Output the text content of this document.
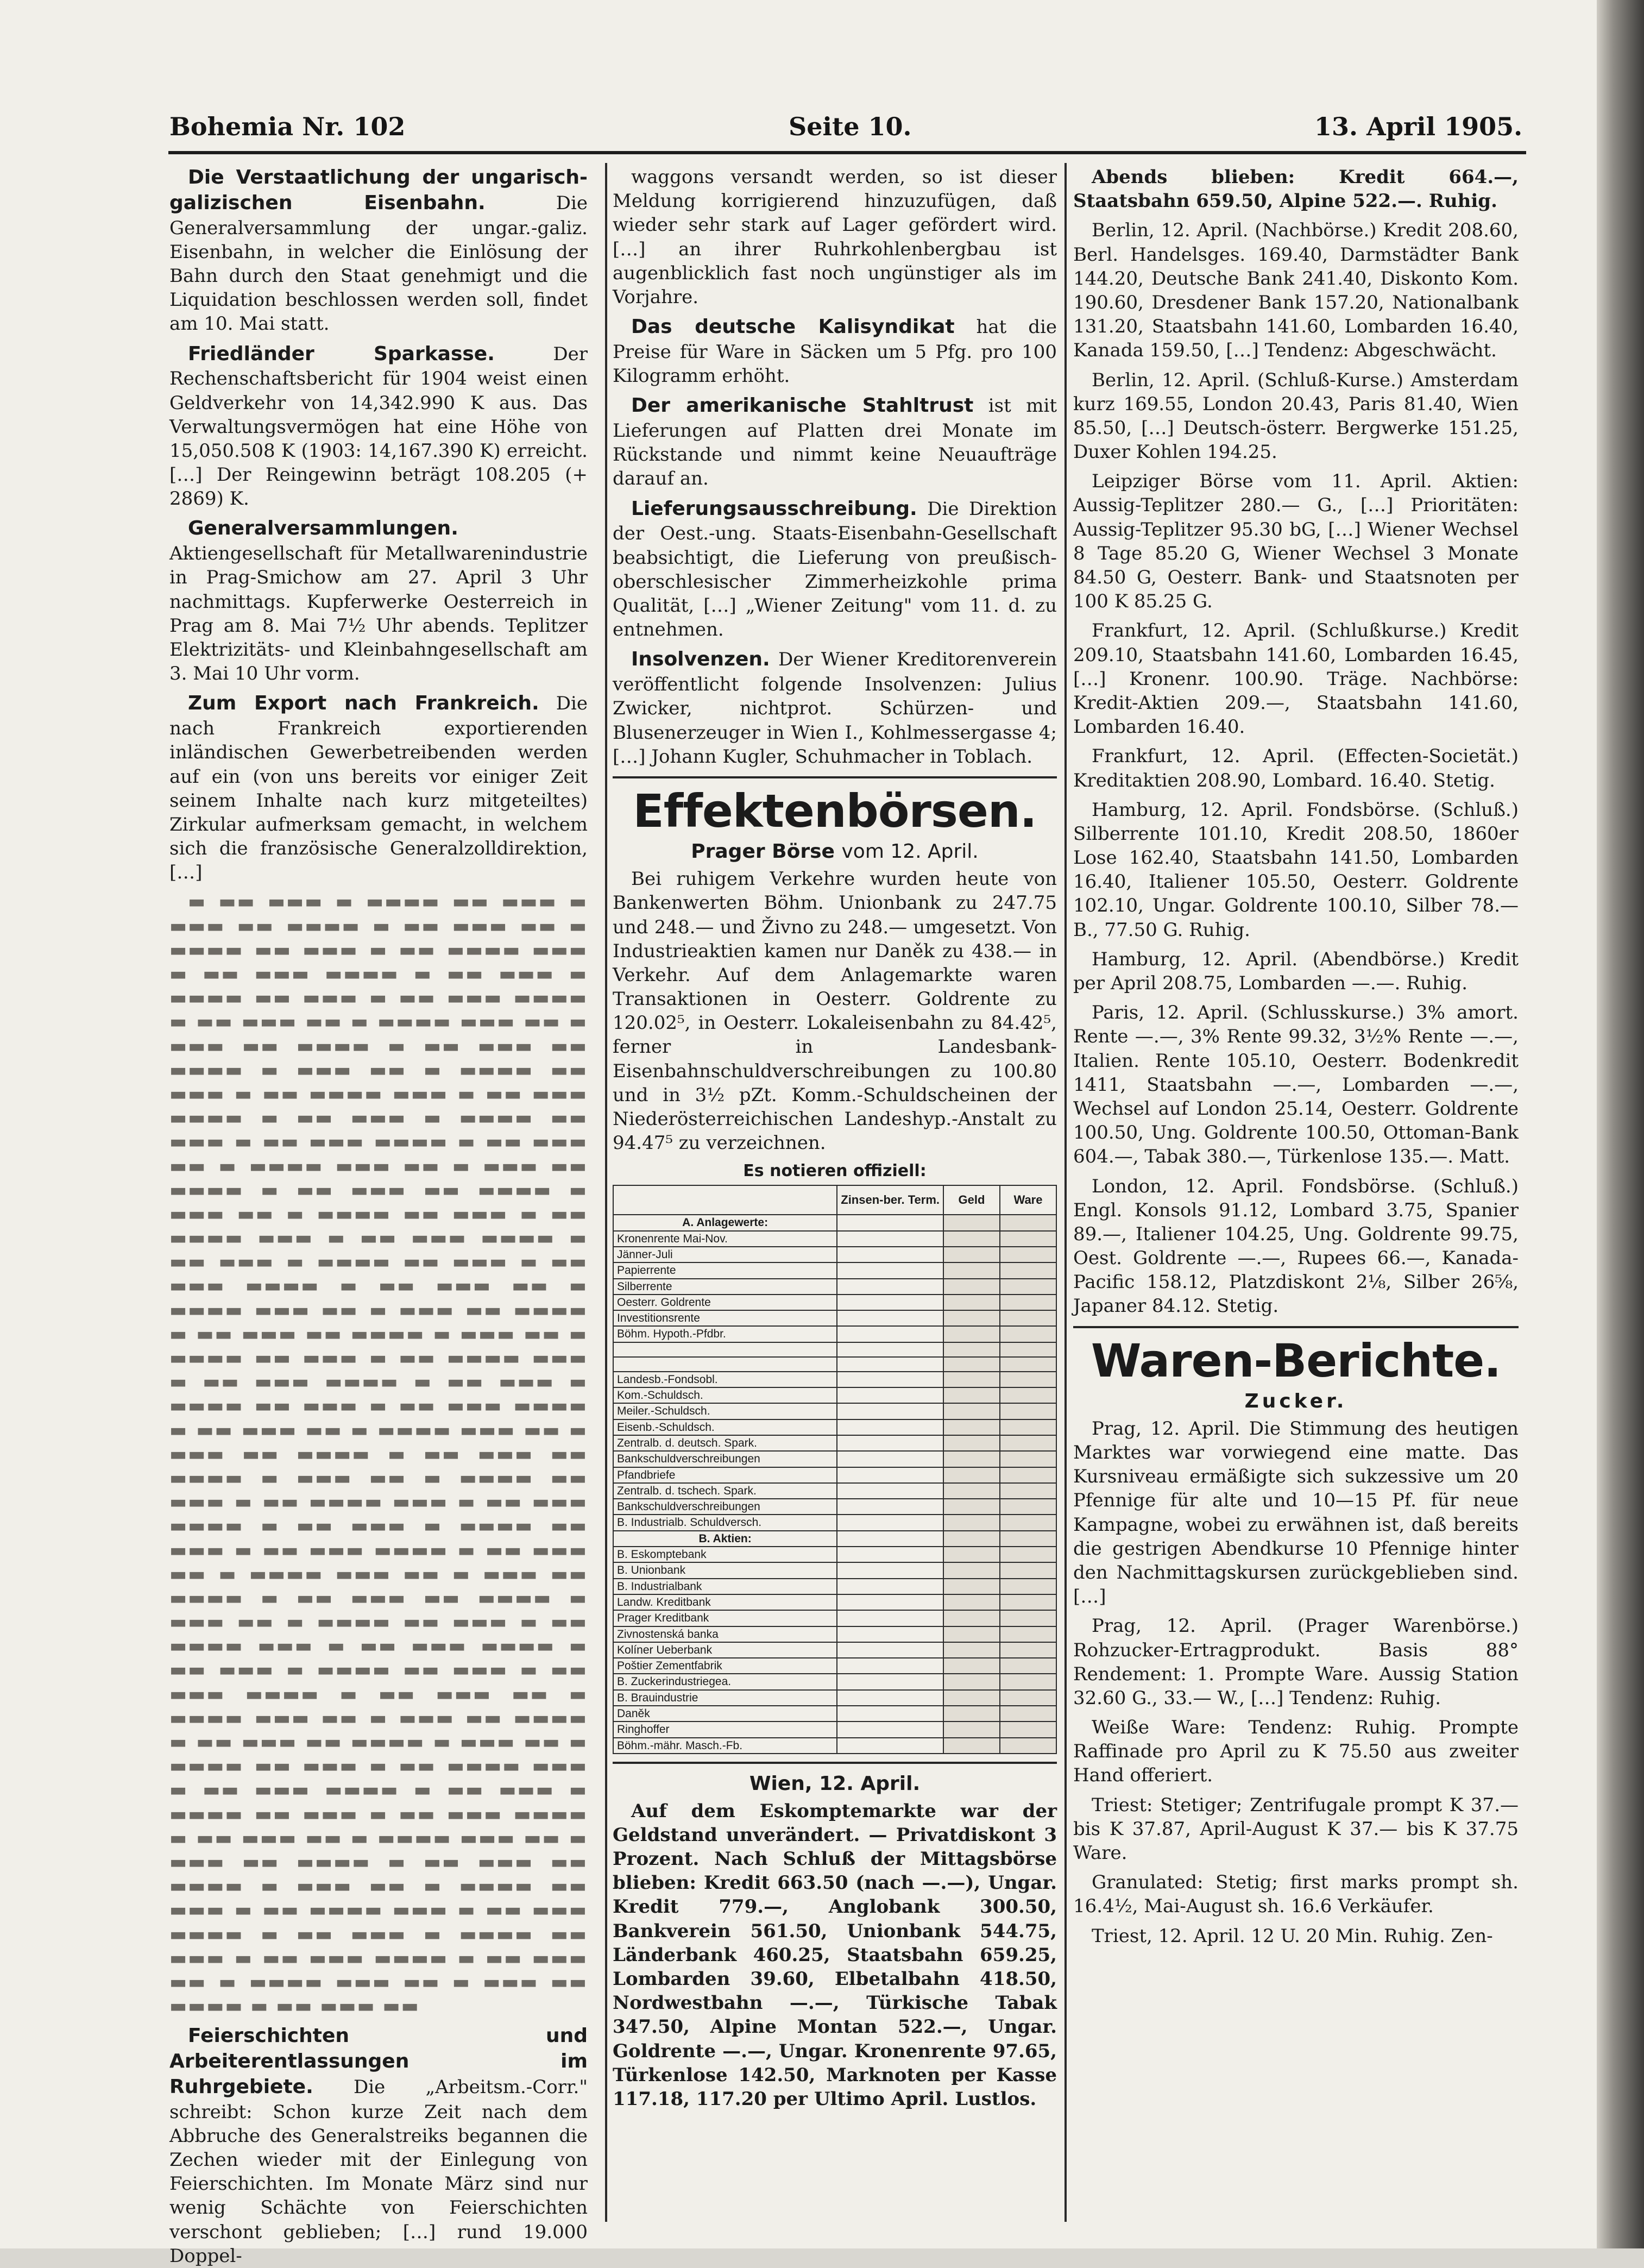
Bohemia Nr. 102	Seite 10.	13. April 1905.

Die Verstaatlichung der ungarisch-galizischen Eisenbahn.	Die Generalversammlung der ungar.-galiz. Eisenbahn, in welcher die Einlösung der Bahn durch den Staat genehmigt und die Liquidation beschlossen werden soll, findet am 10. Mai statt.

Friedländer Sparkasse.	Der Rechenschaftsbericht für 1904 weist einen Geldverkehr von 14,342.990 K aus. Das Verwaltungsvermögen hat eine Höhe von 15,050.508 K (1903: 14,167.390 K) erreicht. […] Der Reingewinn beträgt 108.205 (+ 2869) K.

Generalversammlungen. Aktiengesellschaft für Metallwarenindustrie in Prag-Smichow am 27. April 3 Uhr nachmittags. Kupferwerke Oesterreich in Prag am 8. Mai 7½ Uhr abends. Teplitzer Elektrizitäts- und Kleinbahngesellschaft am 3. Mai 10 Uhr vorm.

Zum Export nach Frankreich. Die nach Frankreich exportierenden inländischen Gewerbetreibenden werden auf ein (von uns bereits vor einiger Zeit seinem Inhalte nach kurz mitgeteiltes) Zirkular aufmerksam gemacht, in welchem sich die französische Generalzolldirektion, […]

▬ ▬▬ ▬▬▬ ▬ ▬▬▬▬ ▬▬ ▬▬▬ ▬ ▬▬▬ ▬▬ ▬▬▬▬ ▬ ▬▬ ▬▬▬ ▬▬ ▬ ▬▬▬▬ ▬▬ ▬▬▬ ▬ ▬▬ ▬▬▬▬ ▬▬▬ ▬ ▬▬ ▬▬▬ ▬▬▬▬ ▬ ▬▬ ▬▬▬ ▬ ▬▬▬▬ ▬▬ ▬▬▬ ▬ ▬▬ ▬▬▬ ▬▬▬▬ ▬ ▬▬ ▬▬▬ ▬▬ ▬ ▬▬▬▬ ▬▬▬ ▬▬ ▬ ▬▬▬ ▬▬ ▬▬▬▬ ▬ ▬▬ ▬▬▬ ▬▬ ▬▬▬▬ ▬ ▬▬▬ ▬▬ ▬ ▬▬▬▬ ▬▬ ▬▬▬ ▬ ▬▬ ▬▬▬▬ ▬▬▬ ▬ ▬▬ ▬▬▬ ▬▬▬▬ ▬ ▬▬ ▬▬▬ ▬ ▬▬▬▬ ▬▬ ▬▬▬ ▬ ▬▬ ▬▬▬ ▬▬▬▬ ▬ ▬▬ ▬▬▬ ▬▬ ▬ ▬▬▬▬ ▬▬▬ ▬▬ ▬ ▬▬▬ ▬▬ ▬▬▬▬ ▬ ▬▬ ▬▬▬ ▬▬ ▬▬▬▬ ▬ ▬▬▬ ▬▬ ▬ ▬▬▬▬ ▬▬ ▬▬▬ ▬ ▬▬ ▬▬▬▬ ▬▬▬ ▬ ▬▬ ▬▬▬ ▬▬▬▬ ▬ ▬▬ ▬▬▬ ▬ ▬▬▬▬ ▬▬ ▬▬▬ ▬ ▬▬ ▬▬▬ ▬▬▬▬ ▬ ▬▬ ▬▬▬ ▬▬ ▬ ▬▬▬▬ ▬▬▬ ▬▬ ▬ ▬▬▬ ▬▬ ▬▬▬▬ ▬ ▬▬ ▬▬▬ ▬▬ ▬▬▬▬ ▬ ▬▬▬ ▬▬ ▬ ▬▬▬▬ ▬▬ ▬▬▬ ▬ ▬▬ ▬▬▬▬ ▬▬▬ ▬ ▬▬ ▬▬▬ ▬▬▬▬ ▬ ▬▬ ▬▬▬ ▬ ▬▬▬▬ ▬▬ ▬▬▬ ▬ ▬▬ ▬▬▬ ▬▬▬▬ ▬ ▬▬ ▬▬▬ ▬▬ ▬ ▬▬▬▬ ▬▬▬ ▬▬ ▬ ▬▬▬ ▬▬ ▬▬▬▬ ▬ ▬▬ ▬▬▬ ▬▬ ▬▬▬▬ ▬ ▬▬▬ ▬▬ ▬ ▬▬▬▬ ▬▬ ▬▬▬ ▬ ▬▬ ▬▬▬▬ ▬▬▬ ▬ ▬▬ ▬▬▬ ▬▬▬▬ ▬ ▬▬ ▬▬▬ ▬ ▬▬▬▬ ▬▬ ▬▬▬ ▬ ▬▬ ▬▬▬ ▬▬▬▬ ▬ ▬▬ ▬▬▬ ▬▬ ▬ ▬▬▬▬ ▬▬▬ ▬▬ ▬ ▬▬▬ ▬▬ ▬▬▬▬ ▬ ▬▬ ▬▬▬ ▬▬ ▬▬▬▬ ▬ ▬▬▬ ▬▬ ▬ ▬▬▬▬ ▬▬ ▬▬▬ ▬ ▬▬ ▬▬▬▬ ▬▬▬ ▬ ▬▬ ▬▬▬ ▬▬▬▬ ▬ ▬▬ ▬▬▬ ▬ ▬▬▬▬ ▬▬ ▬▬▬ ▬ ▬▬ ▬▬▬ ▬▬▬▬ ▬ ▬▬ ▬▬▬ ▬▬ ▬ ▬▬▬▬ ▬▬▬ ▬▬ ▬ ▬▬▬ ▬▬ ▬▬▬▬ ▬ ▬▬ ▬▬▬ ▬▬ ▬▬▬▬ ▬ ▬▬▬ ▬▬ ▬ ▬▬▬▬ ▬▬ ▬▬▬ ▬ ▬▬ ▬▬▬▬ ▬▬▬ ▬ ▬▬ ▬▬▬ ▬▬▬▬ ▬ ▬▬ ▬▬▬ ▬ ▬▬▬▬ ▬▬ ▬▬▬ ▬ ▬▬ ▬▬▬ ▬▬▬▬ ▬ ▬▬ ▬▬▬ ▬▬ ▬ ▬▬▬▬ ▬▬▬ ▬▬ ▬ ▬▬▬ ▬▬ ▬▬▬▬ ▬ ▬▬ ▬▬▬ ▬▬ ▬▬▬▬ ▬ ▬▬▬ ▬▬ ▬ ▬▬▬▬ ▬▬ ▬▬▬ ▬ ▬▬ ▬▬▬▬ ▬▬▬ ▬ ▬▬ ▬▬▬ ▬▬▬▬ ▬ ▬▬ ▬▬▬ ▬ ▬▬▬▬ ▬▬ ▬▬▬ ▬ ▬▬ ▬▬▬ ▬▬▬▬ ▬ ▬▬ ▬▬▬ ▬▬ ▬ ▬▬▬▬ ▬▬▬ ▬▬ ▬ ▬▬▬ ▬▬ ▬▬▬▬ ▬ ▬▬ ▬▬▬ ▬▬

Feierschichten und Arbeiterentlassungen im Ruhrgebiete. Die „Arbeitsm.-Corr." schreibt: Schon kurze Zeit nach dem Abbruche des Generalstreiks begannen die Zechen wieder mit der Einlegung von Feierschichten. Im Monate März sind nur wenig Schächte von Feierschichten verschont geblieben; […] rund 19.000 Doppel-

waggons versandt werden, so ist dieser Meldung korrigierend hinzuzufügen, daß wieder sehr stark auf Lager gefördert wird. […] an ihrer Ruhrkohlenbergbau ist augenblicklich fast noch ungünstiger als im Vorjahre.

Das deutsche Kalisyndikat hat die Preise für Ware in Säcken um 5 Pfg. pro 100 Kilogramm erhöht.

Der amerikanische Stahltrust ist mit Lieferungen auf Platten drei Monate im Rückstande und nimmt keine Neuaufträge darauf an.

Lieferungsausschreibung. Die Direktion der Oest.-ung. Staats-Eisenbahn-Gesellschaft beabsichtigt, die Lieferung von preußisch-oberschlesischer Zimmerheizkohle prima Qualität, […] „Wiener Zeitung" vom 11. d. zu entnehmen.

Insolvenzen. Der Wiener Kreditorenverein veröffentlicht folgende Insolvenzen: Julius Zwicker, nichtprot. Schürzen- und Blusenerzeuger in Wien I., Kohlmessergasse 4; […] Johann Kugler, Schuhmacher in Toblach.

Effektenbörsen.
Prager Börse vom 12. April.

Bei ruhigem Verkehre wurden heute von Bankenwerten Böhm. Unionbank zu 247.75 und 248.— und Živno zu 248.— umgesetzt. Von Industrieaktien kamen nur Daněk zu 438.— in Verkehr. Auf dem Anlagemarkte waren Transaktionen in Oesterr. Goldrente zu 120.02⁵, in Oesterr. Lokaleisenbahn zu 84.42⁵, ferner in Landesbank-Eisenbahnschuldverschreibungen zu 100.80 und in 3½ pZt. Komm.-Schuldscheinen der Niederösterreichischen Landeshyp.-Anstalt zu 94.47⁵ zu verzeichnen.

Es notieren offiziell:
	Zinsen-ber. Term.	Geld	Ware
A. Anlagewerte:			
Kronenrente Mai-Nov.			
Jänner-Juli			
Papierrente			
Silberrente			
Oesterr. Goldrente			
Investitionsrente			
Böhm. Hypoth.-Pfdbr.			

Landesb.-Fondsobl.			
Kom.-Schuldsch.			
Meiler.-Schuldsch.			
Eisenb.-Schuldsch.			
Zentralb. d. deutsch. Spark.			
Bankschuldverschreibungen			
Pfandbriefe			
Zentralb. d. tschech. Spark.			
Bankschuldverschreibungen			
B. Industrialb. Schuldversch.			
B. Aktien:			
B. Eskomptebank			
B. Unionbank			
B. Industrialbank			
Landw. Kreditbank			
Prager Kreditbank			
Zivnostenská banka			
Kolíner Ueberbank			
Poštier Zementfabrik			
B. Zuckerindustriegea.			
B. Brauindustrie			
Daněk			
Ringhoffer			
Böhm.-mähr. Masch.-Fb.			
Wien, 12. April.

Auf dem Eskomptemarkte war der Geldstand unverändert. — Privatdiskont 3 Prozent. Nach Schluß der Mittagsbörse blieben: Kredit 663.50 (nach —.—), Ungar. Kredit 779.—, Anglobank 300.50, Bankverein 561.50, Unionbank 544.75, Länderbank 460.25, Staatsbahn 659.25, Lombarden 39.60, Elbetalbahn 418.50, Nordwestbahn —.—, Türkische Tabak 347.50, Alpine Montan 522.—, Ungar. Goldrente —.—, Ungar. Kronenrente 97.65, Türkenlose 142.50, Marknoten per Kasse 117.18, 117.20 per Ultimo April. Lustlos.

Abends blieben: Kredit 664.—, Staatsbahn 659.50, Alpine 522.—. Ruhig.

Berlin, 12. April. (Nachbörse.) Kredit 208.60, Berl. Handelsges. 169.40, Darmstädter Bank 144.20, Deutsche Bank 241.40, Diskonto Kom. 190.60, Dresdener Bank 157.20, Nationalbank 131.20, Staatsbahn 141.60, Lombarden 16.40, Kanada 159.50, […] Tendenz: Abgeschwächt.

Berlin, 12. April. (Schluß-Kurse.) Amsterdam kurz 169.55, London 20.43, Paris 81.40, Wien 85.50, […] Deutsch-österr. Bergwerke 151.25, Duxer Kohlen 194.25.

Leipziger Börse vom 11. April. Aktien: Aussig-Teplitzer 280.— G., […] Prioritäten: Aussig-Teplitzer 95.30 bG, […] Wiener Wechsel 8 Tage 85.20 G, Wiener Wechsel 3 Monate 84.50 G, Oesterr. Bank- und Staatsnoten per 100 K 85.25 G.

Frankfurt, 12. April. (Schlußkurse.) Kredit 209.10, Staatsbahn 141.60, Lombarden 16.45, […] Kronenr. 100.90. Träge. Nachbörse: Kredit-Aktien 209.—, Staatsbahn 141.60, Lombarden 16.40.

Frankfurt, 12. April. (Effecten-Societät.) Kreditaktien 208.90, Lombard. 16.40. Stetig.

Hamburg, 12. April. Fondsbörse. (Schluß.) Silberrente 101.10, Kredit 208.50, 1860er Lose 162.40, Staatsbahn 141.50, Lombarden 16.40, Italiener 105.50, Oesterr. Goldrente 102.10, Ungar. Goldrente 100.10, Silber 78.— B., 77.50 G. Ruhig.

Hamburg, 12. April. (Abendbörse.) Kredit per April 208.75, Lombarden —.—. Ruhig.

Paris, 12. April. (Schlusskurse.) 3% amort. Rente —.—, 3% Rente 99.32, 3½% Rente —.—, Italien. Rente 105.10, Oesterr. Bodenkredit 1411, Staatsbahn —.—, Lombarden —.—, Wechsel auf London 25.14, Oesterr. Goldrente 100.50, Ung. Goldrente 100.50, Ottoman-Bank 604.—, Tabak 380.—, Türkenlose 135.—. Matt.

London, 12. April. Fondsbörse. (Schluß.) Engl. Konsols 91.12, Lombard 3.75, Spanier 89.—, Italiener 104.25, Ung. Goldrente 99.75, Oest. Goldrente —.—, Rupees 66.—, Kanada-Pacific 158.12, Platzdiskont 2⅛, Silber 26⅝, Japaner 84.12. Stetig.

Waren-Berichte.
Zucker.

Prag, 12. April. Die Stimmung des heutigen Marktes war vorwiegend eine matte. Das Kursniveau ermäßigte sich sukzessive um 20 Pfennige für alte und 10—15 Pf. für neue Kampagne, wobei zu erwähnen ist, daß bereits die gestrigen Abendkurse 10 Pfennige hinter den Nachmittagskursen zurückgeblieben sind. […]

Prag, 12. April. (Prager Warenbörse.) Rohzucker-Ertragprodukt. Basis 88° Rendement: 1. Prompte Ware. Aussig Station 32.60 G., 33.— W., […] Tendenz: Ruhig.

Weiße Ware: Tendenz: Ruhig. Prompte Raffinade pro April zu K 75.50 aus zweiter Hand offeriert.

Triest: Stetiger; Zentrifugale prompt K 37.— bis K 37.87, April-August K 37.— bis K 37.75 Ware.

Granulated: Stetig; first marks prompt sh. 16.4½, Mai-August sh. 16.6 Verkäufer.

Triest, 12. April. 12 U. 20 Min. Ruhig. Zen-
